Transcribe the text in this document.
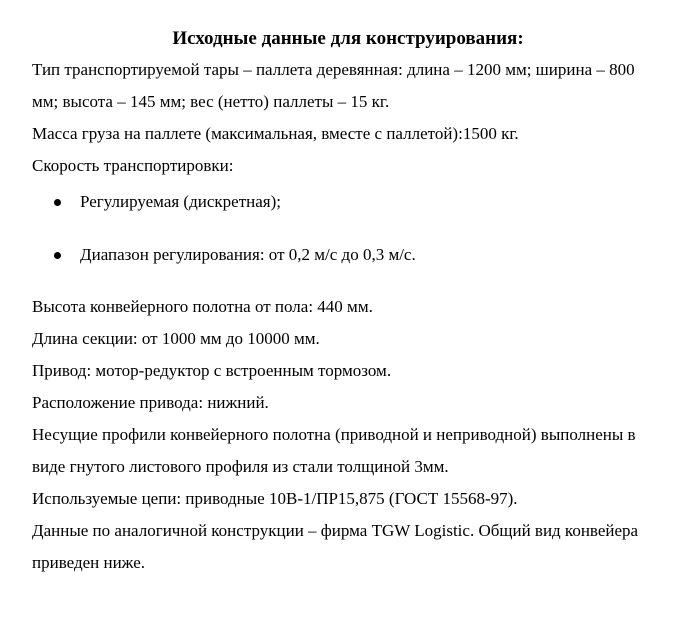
Исходные данные для конструирования:

Тип транспортируемой тары – паллета деревянная: длина – 1200 мм; ширина – 800 мм; высота – 145 мм; вес (нетто) паллеты – 15 кг.

Масса груза на паллете (максимальная, вместе с паллетой):1500 кг.

Скорость транспортировки:

Регулируемая (дискретная);
Диапазон регулирования: от 0,2 м/с до 0,3 м/с.

Высота конвейерного полотна от пола: 440 мм.

Длина секции: от 1000 мм до 10000 мм.

Привод: мотор-редуктор с встроенным тормозом.

Расположение привода: нижний.

Несущие профили конвейерного полотна (приводной и неприводной) выполнены в виде гнутого листового профиля из стали толщиной 3мм.

Используемые цепи: приводные 10В-1/ПР15,875 (ГОСТ 15568-97).

Данные по аналогичной конструкции – фирма TGW Logistic. Общий вид конвейера приведен ниже.
